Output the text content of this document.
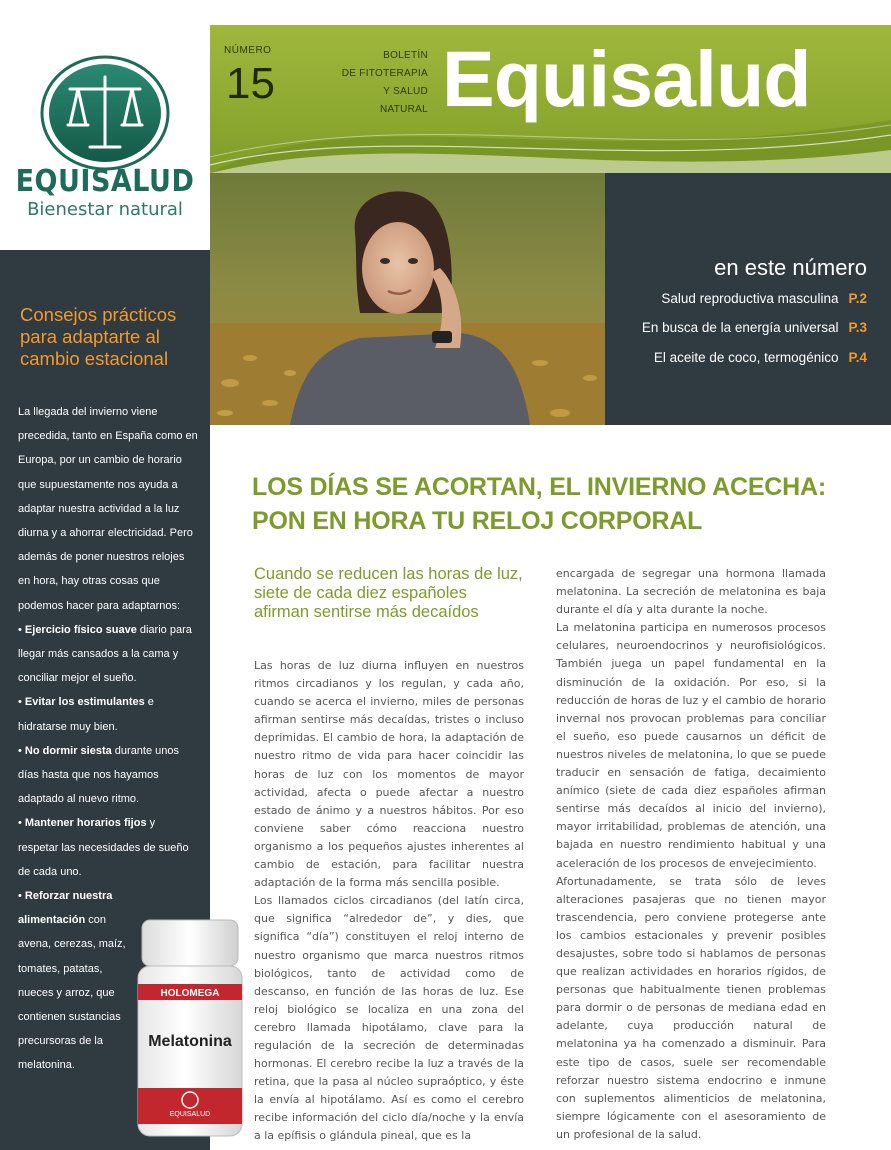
EQUISALUD
Bienestar natural
NÚMERO
15
BOLETÍN
DE FITOTERAPIA
Y SALUD
NATURAL Equisalud
en este número
Salud reproductiva masculina P.2
En busca de la energía universal P.3
El aceite de coco, termogénico P.4
Consejos prácticos para adaptarte al cambio estacional

La llegada del invierno viene precedida, tanto en España como en Europa, por un cambio de horario que supuestamente nos ayuda a adaptar nuestra actividad a la luz diurna y a ahorrar electricidad. Pero además de poner nuestros relojes en hora, hay otras cosas que podemos hacer para adaptarnos:

• Ejercicio físico suave diario para llegar más cansados a la cama y conciliar mejor el sueño.
• Evitar los estimulantes e hidratarse muy bien.
• No dormir siesta durante unos días hasta que nos hayamos adaptado al nuevo ritmo.
• Mantener horarios fijos y respetar las necesidades de sueño de cada uno.
• Reforzar nuestra alimentación con avena, cerezas, maíz, tomates, patatas, nueces y arroz, que contienen sustancias precursoras de la melatonina.
HOLOMEGA
Melatonina
EQUISALUD
LOS DÍAS SE ACORTAN, EL INVIERNO ACECHA: PON EN HORA TU RELOJ CORPORAL
Cuando se reducen las horas de luz, siete de cada diez españoles afirman sentirse más decaídos

Las horas de luz diurna influyen en nuestros ritmos circadianos y los regulan, y cada año, cuando se acerca el invierno, miles de personas afirman sentirse más decaídas, tristes o incluso deprimidas. El cambio de hora, la adaptación de nuestro ritmo de vida para hacer coincidir las horas de luz con los momentos de mayor actividad, afecta o puede afectar a nuestro estado de ánimo y a nuestros hábitos. Por eso conviene saber cómo reacciona nuestro organismo a los pequeños ajustes inherentes al cambio de estación, para facilitar nuestra adaptación de la forma más sencilla posible.

Los llamados ciclos circadianos (del latín circa, que significa “alrededor de”, y dies, que significa “día”) constituyen el reloj interno de nuestro organismo que marca nuestros ritmos biológicos, tanto de actividad como de descanso, en función de las horas de luz. Ese reloj biológico se localiza en una zona del cerebro llamada hipotálamo, clave para la regulación de la secreción de determinadas hormonas. El cerebro recibe la luz a través de la retina, que la pasa al núcleo supraóptico, y éste la envía al hipotálamo. Así es como el cerebro recibe información del ciclo día/noche y la envía a la epífisis o glándula pineal, que es la

encargada de segregar una hormona llamada melatonina. La secreción de melatonina es baja durante el día y alta durante la noche.

La melatonina participa en numerosos procesos celulares, neuroendocrinos y neurofisiológicos. También juega un papel fundamental en la disminución de la oxidación. Por eso, si la reducción de horas de luz y el cambio de horario invernal nos provocan problemas para conciliar el sueño, eso puede causarnos un déficit de nuestros niveles de melatonina, lo que se puede traducir en sensación de fatiga, decaimiento anímico (siete de cada diez españoles afirman sentirse más decaídos al inicio del invierno), mayor irritabilidad, problemas de atención, una bajada en nuestro rendimiento habitual y una aceleración de los procesos de envejecimiento.

Afortunadamente, se trata sólo de leves alteraciones pasajeras que no tienen mayor trascendencia, pero conviene protegerse ante los cambios estacionales y prevenir posibles desajustes, sobre todo si hablamos de personas que realizan actividades en horarios rígidos, de personas que habitualmente tienen problemas para dormir o de personas de mediana edad en adelante, cuya producción natural de melatonina ya ha comenzado a disminuir. Para este tipo de casos, suele ser recomendable reforzar nuestro sistema endocrino e inmune con suplementos alimenticios de melatonina, siempre lógicamente con el asesoramiento de un profesional de la salud.
